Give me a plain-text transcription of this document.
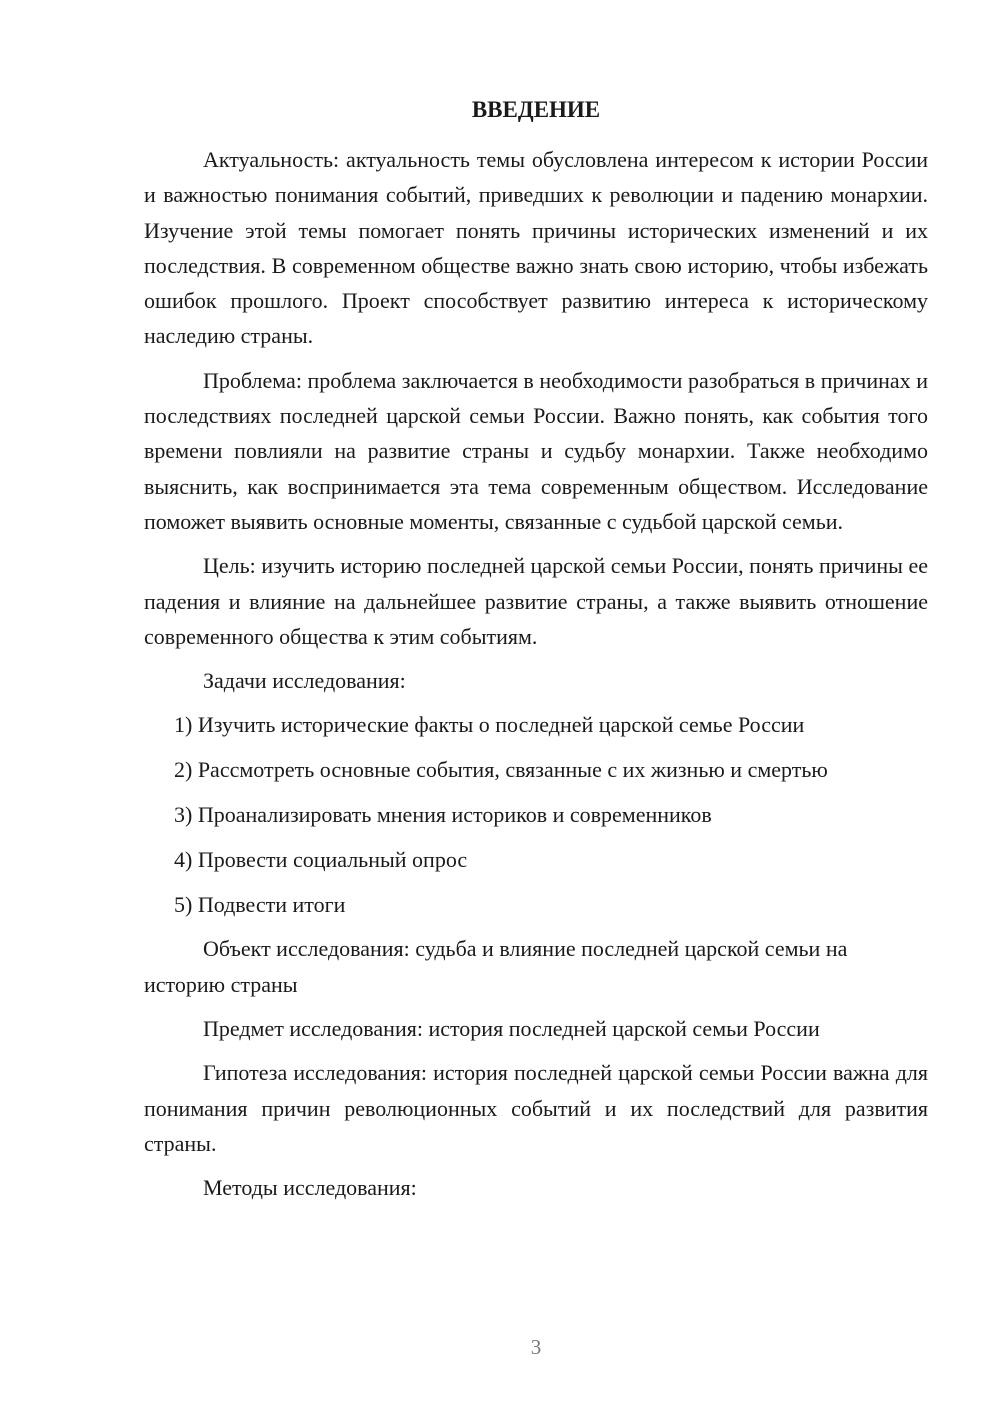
ВВЕДЕНИЕ

Актуальность: актуальность темы обусловлена интересом к истории России и важностью понимания событий, приведших к революции и падению монархии. Изучение этой темы помогает понять причины исторических изменений и их последствия. В современном обществе важно знать свою историю, чтобы избежать ошибок прошлого. Проект способствует развитию интереса к историческому наследию страны.

Проблема: проблема заключается в необходимости разобраться в причинах и последствиях последней царской семьи России. Важно понять, как события того времени повлияли на развитие страны и судьбу монархии. Также необходимо выяснить, как воспринимается эта тема современным обществом. Исследование поможет выявить основные моменты, связанные с судьбой царской семьи.

Цель: изучить историю последней царской семьи России, понять причины ее падения и влияние на дальнейшее развитие страны, а также выявить отношение современного общества к этим событиям.

Задачи исследования:

1) Изучить исторические факты о последней царской семье России
2) Рассмотреть основные события, связанные с их жизнью и смертью
3) Проанализировать мнения историков и современников
4) Провести социальный опрос
5) Подвести итоги

Объект исследования: судьба и влияние последней царской семьи на историю страны

Предмет исследования: история последней царской семьи России

Гипотеза исследования: история последней царской семьи России важна для понимания причин революционных событий и их последствий для развития страны.

Методы исследования:

3
